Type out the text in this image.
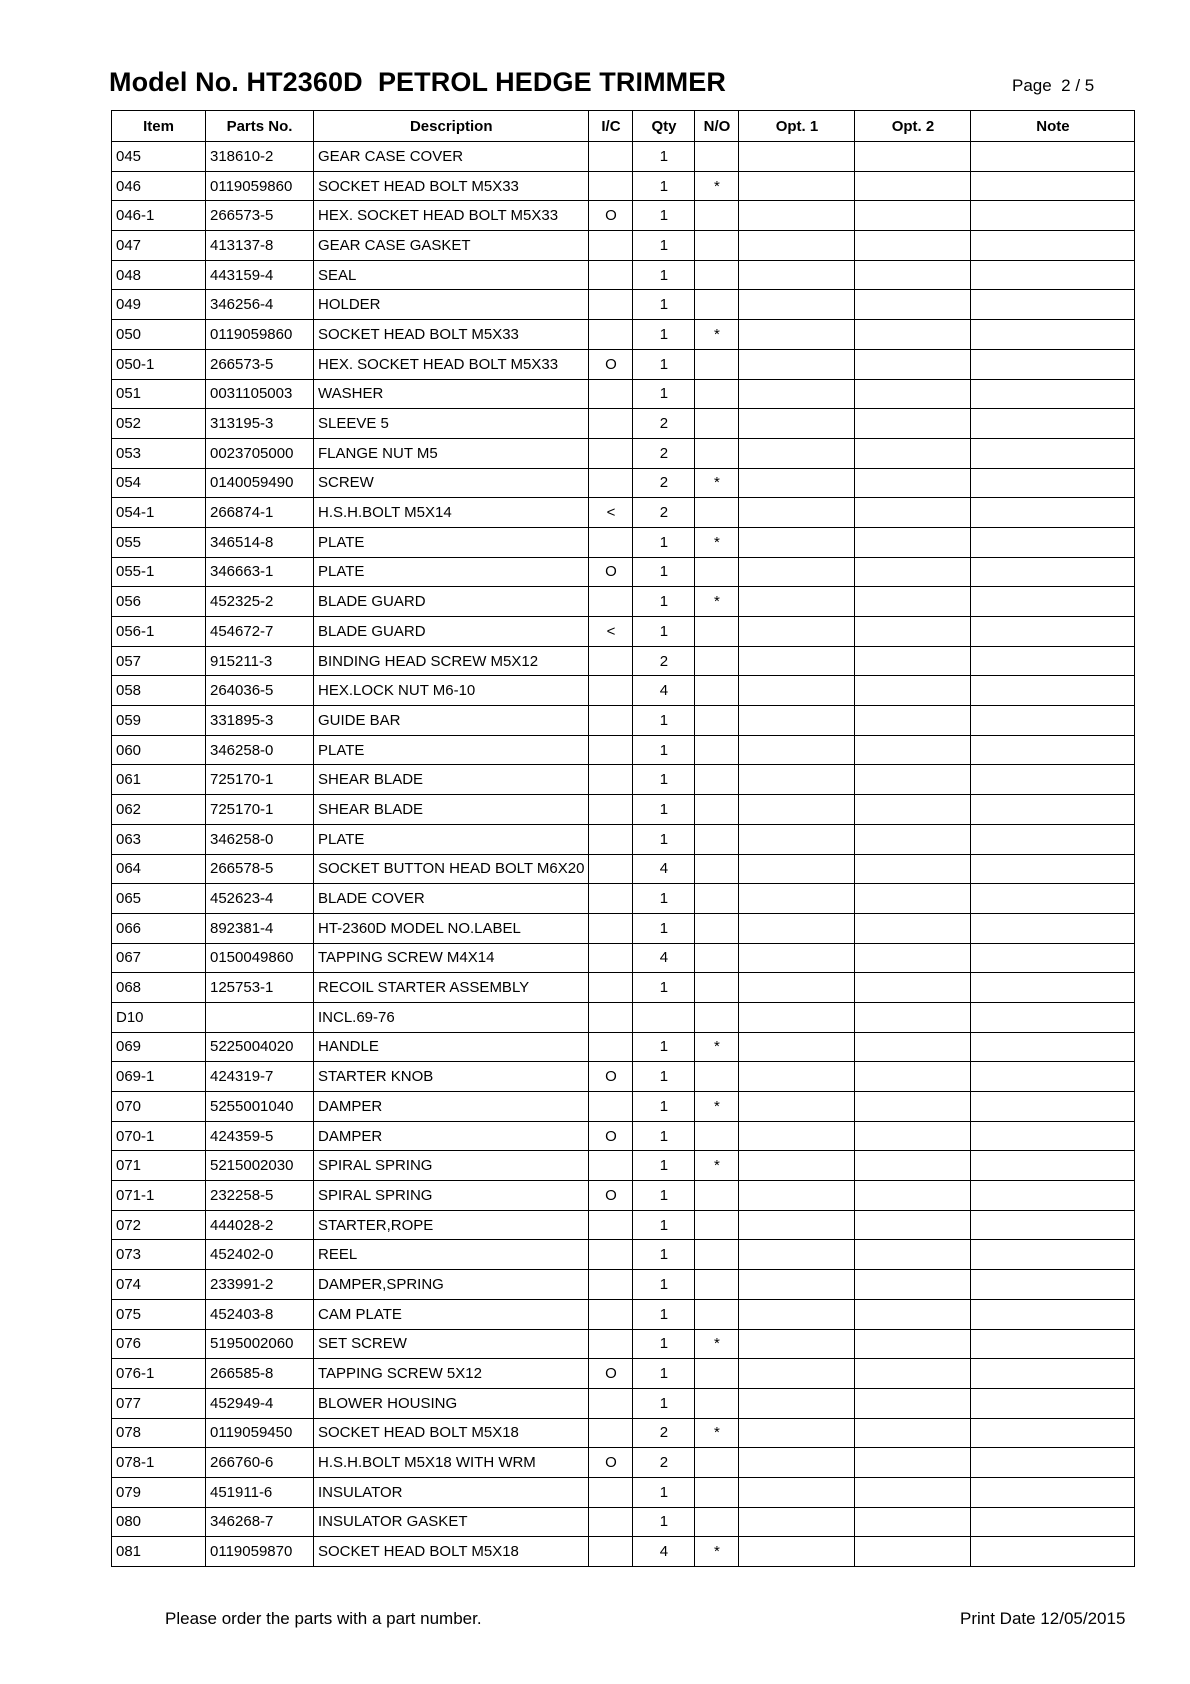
Model No. HT2360D  PETROL HEDGE TRIMMER	Page  2 / 5
Item	Parts No.	Description	I/C	Qty	N/O	Opt. 1	Opt. 2	Note
045	318610-2	GEAR CASE COVER		1				
046	0119059860	SOCKET HEAD BOLT M5X33		1	*			
046-1	266573-5	HEX. SOCKET HEAD BOLT M5X33	O	1				
047	413137-8	GEAR CASE GASKET		1				
048	443159-4	SEAL		1				
049	346256-4	HOLDER		1				
050	0119059860	SOCKET HEAD BOLT M5X33		1	*			
050-1	266573-5	HEX. SOCKET HEAD BOLT M5X33	O	1				
051	0031105003	WASHER		1				
052	313195-3	SLEEVE 5		2				
053	0023705000	FLANGE NUT M5		2				
054	0140059490	SCREW		2	*			
054-1	266874-1	H.S.H.BOLT M5X14	<	2				
055	346514-8	PLATE		1	*			
055-1	346663-1	PLATE	O	1				
056	452325-2	BLADE GUARD		1	*			
056-1	454672-7	BLADE GUARD	<	1				
057	915211-3	BINDING HEAD SCREW M5X12		2				
058	264036-5	HEX.LOCK NUT M6-10		4				
059	331895-3	GUIDE BAR		1				
060	346258-0	PLATE		1				
061	725170-1	SHEAR BLADE		1				
062	725170-1	SHEAR BLADE		1				
063	346258-0	PLATE		1				
064	266578-5	SOCKET BUTTON HEAD BOLT M6X20		4				
065	452623-4	BLADE COVER		1				
066	892381-4	HT-2360D MODEL NO.LABEL		1				
067	0150049860	TAPPING SCREW M4X14		4				
068	125753-1	RECOIL STARTER ASSEMBLY		1				
D10		INCL.69-76						
069	5225004020	HANDLE		1	*			
069-1	424319-7	STARTER KNOB	O	1				
070	5255001040	DAMPER		1	*			
070-1	424359-5	DAMPER	O	1				
071	5215002030	SPIRAL SPRING		1	*			
071-1	232258-5	SPIRAL SPRING	O	1				
072	444028-2	STARTER,ROPE		1				
073	452402-0	REEL		1				
074	233991-2	DAMPER,SPRING		1				
075	452403-8	CAM PLATE		1				
076	5195002060	SET SCREW		1	*			
076-1	266585-8	TAPPING SCREW 5X12	O	1				
077	452949-4	BLOWER HOUSING		1				
078	0119059450	SOCKET HEAD BOLT M5X18		2	*			
078-1	266760-6	H.S.H.BOLT M5X18 WITH WRM	O	2				
079	451911-6	INSULATOR		1				
080	346268-7	INSULATOR GASKET		1				
081	0119059870	SOCKET HEAD BOLT M5X18		4	*			
Please order the parts with a part number.	Print Date 12/05/2015
